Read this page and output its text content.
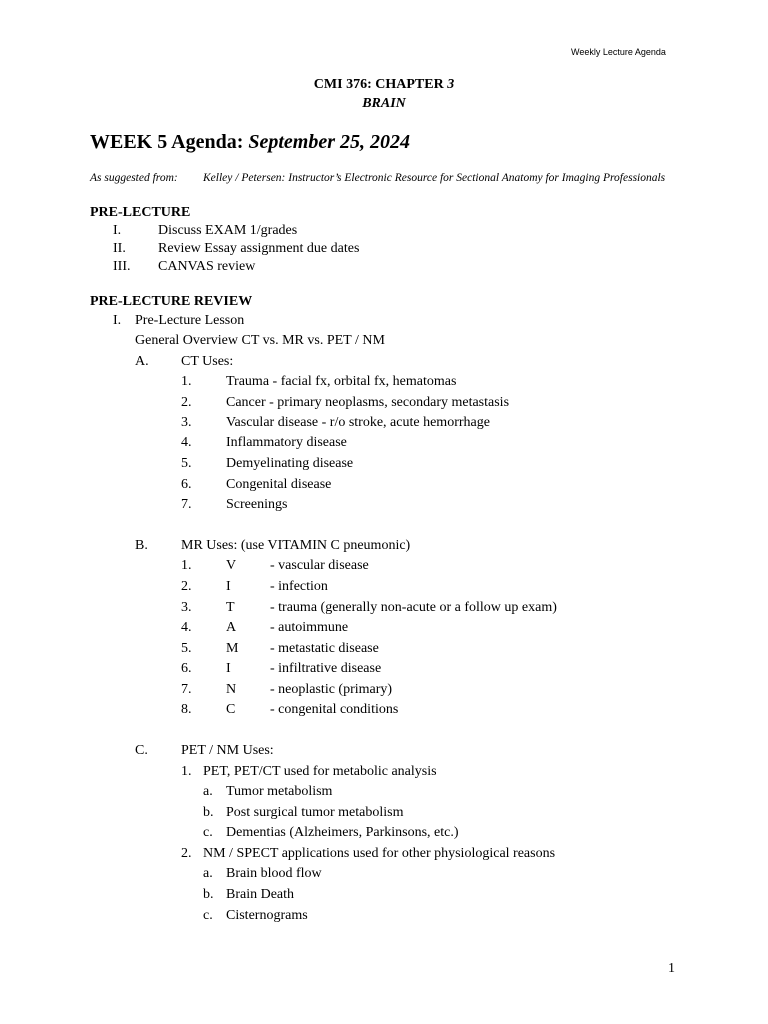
Weekly Lecture Agenda
CMI 376: CHAPTER 3
BRAIN
WEEK 5 Agenda: September 25, 2024
As suggested from: Kelley / Petersen: Instructor’s Electronic Resource for Sectional Anatomy for Imaging Professionals
PRE-LECTURE
I.	Discuss EXAM 1/grades
II. Review Essay assignment due dates
III. CANVAS review
PRE-LECTURE REVIEW
I. Pre-Lecture Lesson
General Overview CT vs. MR vs. PET / NM
A. CT Uses:
1. Trauma - facial fx, orbital fx, hematomas
2. Cancer - primary neoplasms, secondary metastasis
3. Vascular disease - r/o stroke, acute hemorrhage
4. Inflammatory disease
5. Demyelinating disease
6. Congenital disease
7. Screenings
B. MR Uses: (use VITAMIN C pneumonic)
1. V - vascular disease
2. I	- infection
3. T	- trauma (generally non-acute or a follow up exam)
4. A - autoimmune
5. M - metastatic disease
6. I	- infiltrative disease
7. N - neoplastic (primary)
8. C - congenital conditions
C. PET / NM Uses:
1. PET, PET/CT used for metabolic analysis
a. Tumor metabolism
b. Post surgical tumor metabolism
c. Dementias (Alzheimers, Parkinsons, etc.)
2. NM / SPECT applications used for other physiological reasons
a. Brain blood flow
b. Brain Death
c. Cisternograms
1
